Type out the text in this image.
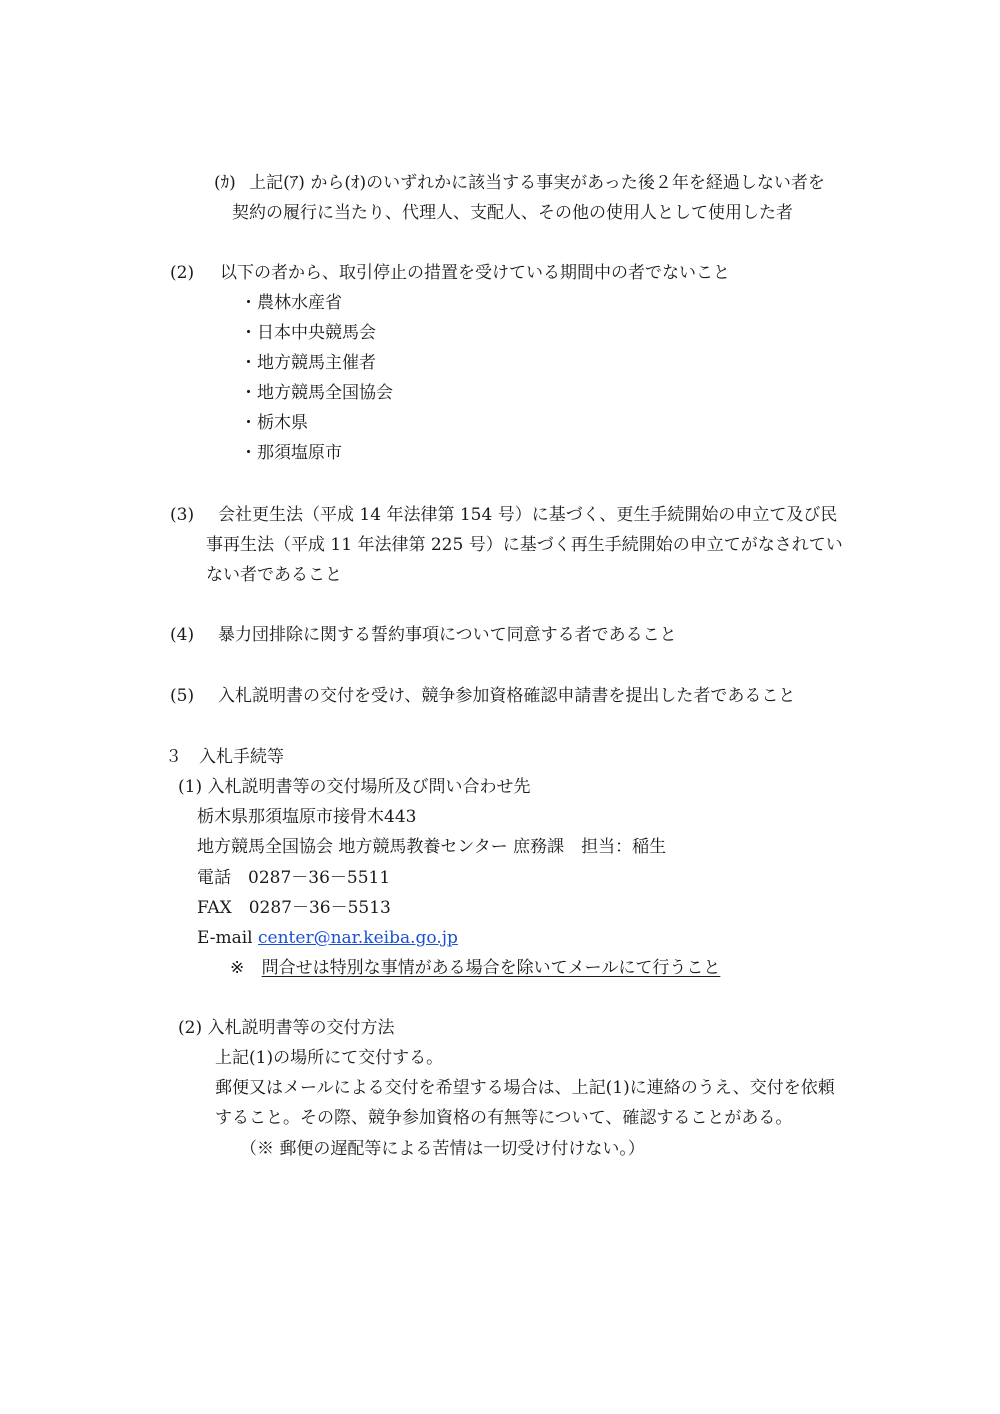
(ｶ) 上記(ｱ) から(ｵ)のいずれかに該当する事実があった後２年を経過しない者を
契約の履行に当たり、代理人、支配人、その他の使用人として使用した者
(2) 以下の者から、取引停止の措置を受けている期間中の者でないこと
・農林水産省
・日本中央競馬会
・地方競馬主催者
・地方競馬全国協会
・栃木県
・那須塩原市
(3) 会社更生法（平成 14 年法律第 154 号）に基づく、更生手続開始の申立て及び民
事再生法（平成 11 年法律第 225 号）に基づく再生手続開始の申立てがなされてい
ない者であること
(4) 暴力団排除に関する誓約事項について同意する者であること
(5) 入札説明書の交付を受け、競争参加資格確認申請書を提出した者であること
３　入札手続等
(1) 入札説明書等の交付場所及び問い合わせ先
栃木県那須塩原市接骨木443
地方競馬全国協会 地方競馬教養センター 庶務課　担当：稲生
電話　0287－36－5511
FAX　0287－36－5513
E-mail center@nar.keiba.go.jp
※ 問合せは特別な事情がある場合を除いてメールにて行うこと
(2) 入札説明書等の交付方法
上記(1)の場所にて交付する。
郵便又はメールによる交付を希望する場合は、上記(1)に連絡のうえ、交付を依頼
すること。その際、競争参加資格の有無等について、確認することがある。
（※ 郵便の遅配等による苦情は一切受け付けない。）
